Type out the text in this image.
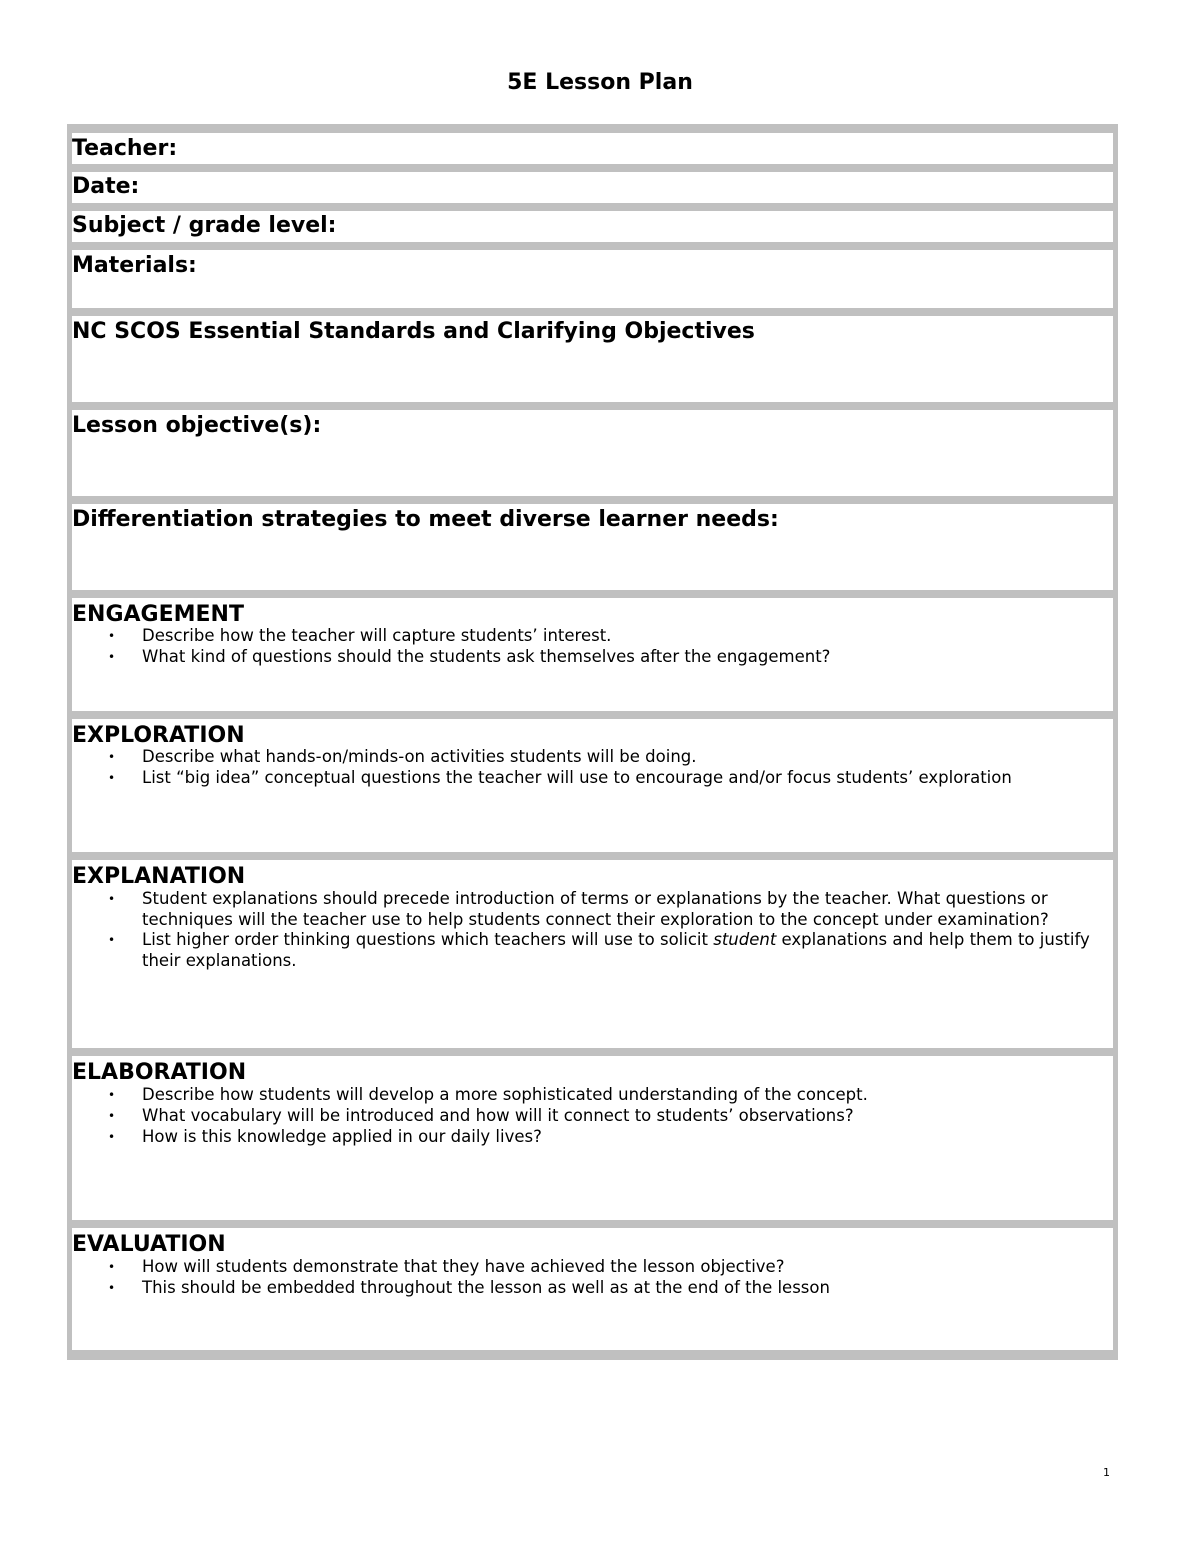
5E Lesson Plan
Teacher:
Date:
Subject / grade level:
Materials:
NC SCOS Essential Standards and Clarifying Objectives
Lesson objective(s):
Differentiation strategies to meet diverse learner needs:
ENGAGEMENT
• Describe how the teacher will capture students’ interest.
• What kind of questions should the students ask themselves after the engagement?
EXPLORATION
• Describe what hands-on/minds-on activities students will be doing.
• List “big idea” conceptual questions the teacher will use to encourage and/or focus students’ exploration
EXPLANATION
• Student explanations should precede introduction of terms or explanations by the teacher. What questions or techniques will the teacher use to help students connect their exploration to the concept under examination?
• List higher order thinking questions which teachers will use to solicit student explanations and help them to justify their explanations.
ELABORATION
• Describe how students will develop a more sophisticated understanding of the concept.
• What vocabulary will be introduced and how will it connect to students’ observations?
• How is this knowledge applied in our daily lives?
EVALUATION
• How will students demonstrate that they have achieved the lesson objective?
• This should be embedded throughout the lesson as well as at the end of the lesson
1
